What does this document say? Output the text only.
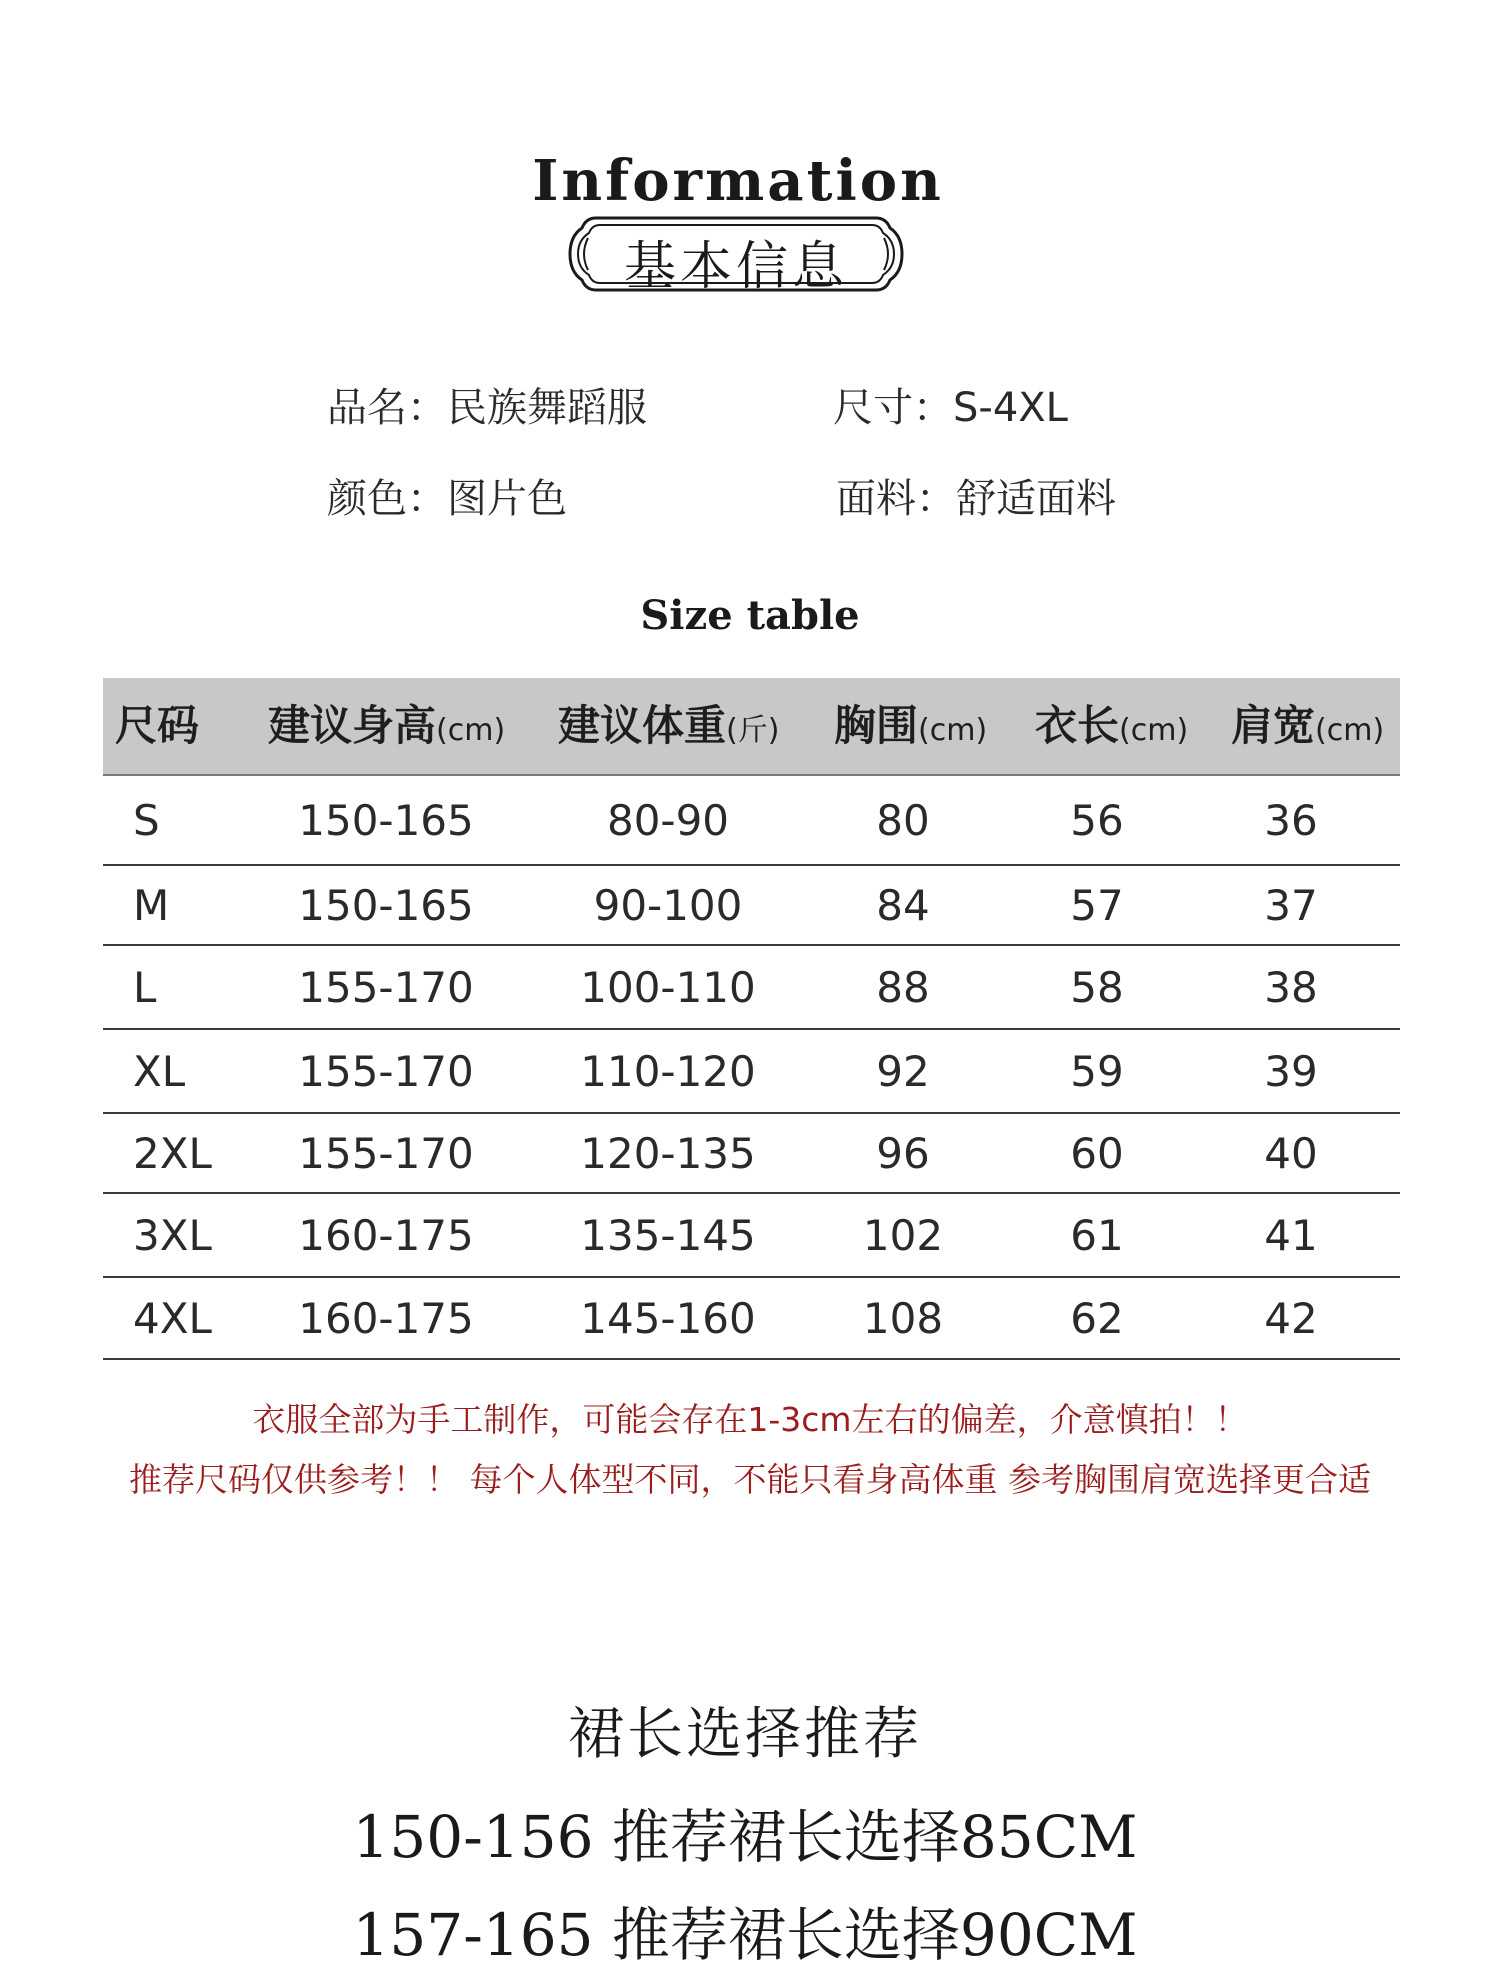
Information
基本信息
品名：民族舞蹈服	尺寸：S-4XL
颜色：图片色	面料：舒适面料
Size table
尺码 建议身高(cm) 建议体重(斤) 胸围(cm) 衣长(cm) 肩宽(cm)
S	150-165	80-90	80	56	36
M	150-165	90-100	84	57	37
L	155-170	100-110	88	58	38
XL	155-170	110-120	92	59	39
2XL	155-170	120-135	96	60	40
3XL	160-175	135-145	102	61	41
4XL	160-175	145-160	108	62	42
衣服全部为手工制作，可能会存在1-3cm左右的偏差，介意慎拍！！
推荐尺码仅供参考！！ 每个人体型不同，不能只看身高体重 参考胸围肩宽选择更合适
裙长选择推荐
150-156 推荐裙长选择85CM
157-165 推荐裙长选择90CM
